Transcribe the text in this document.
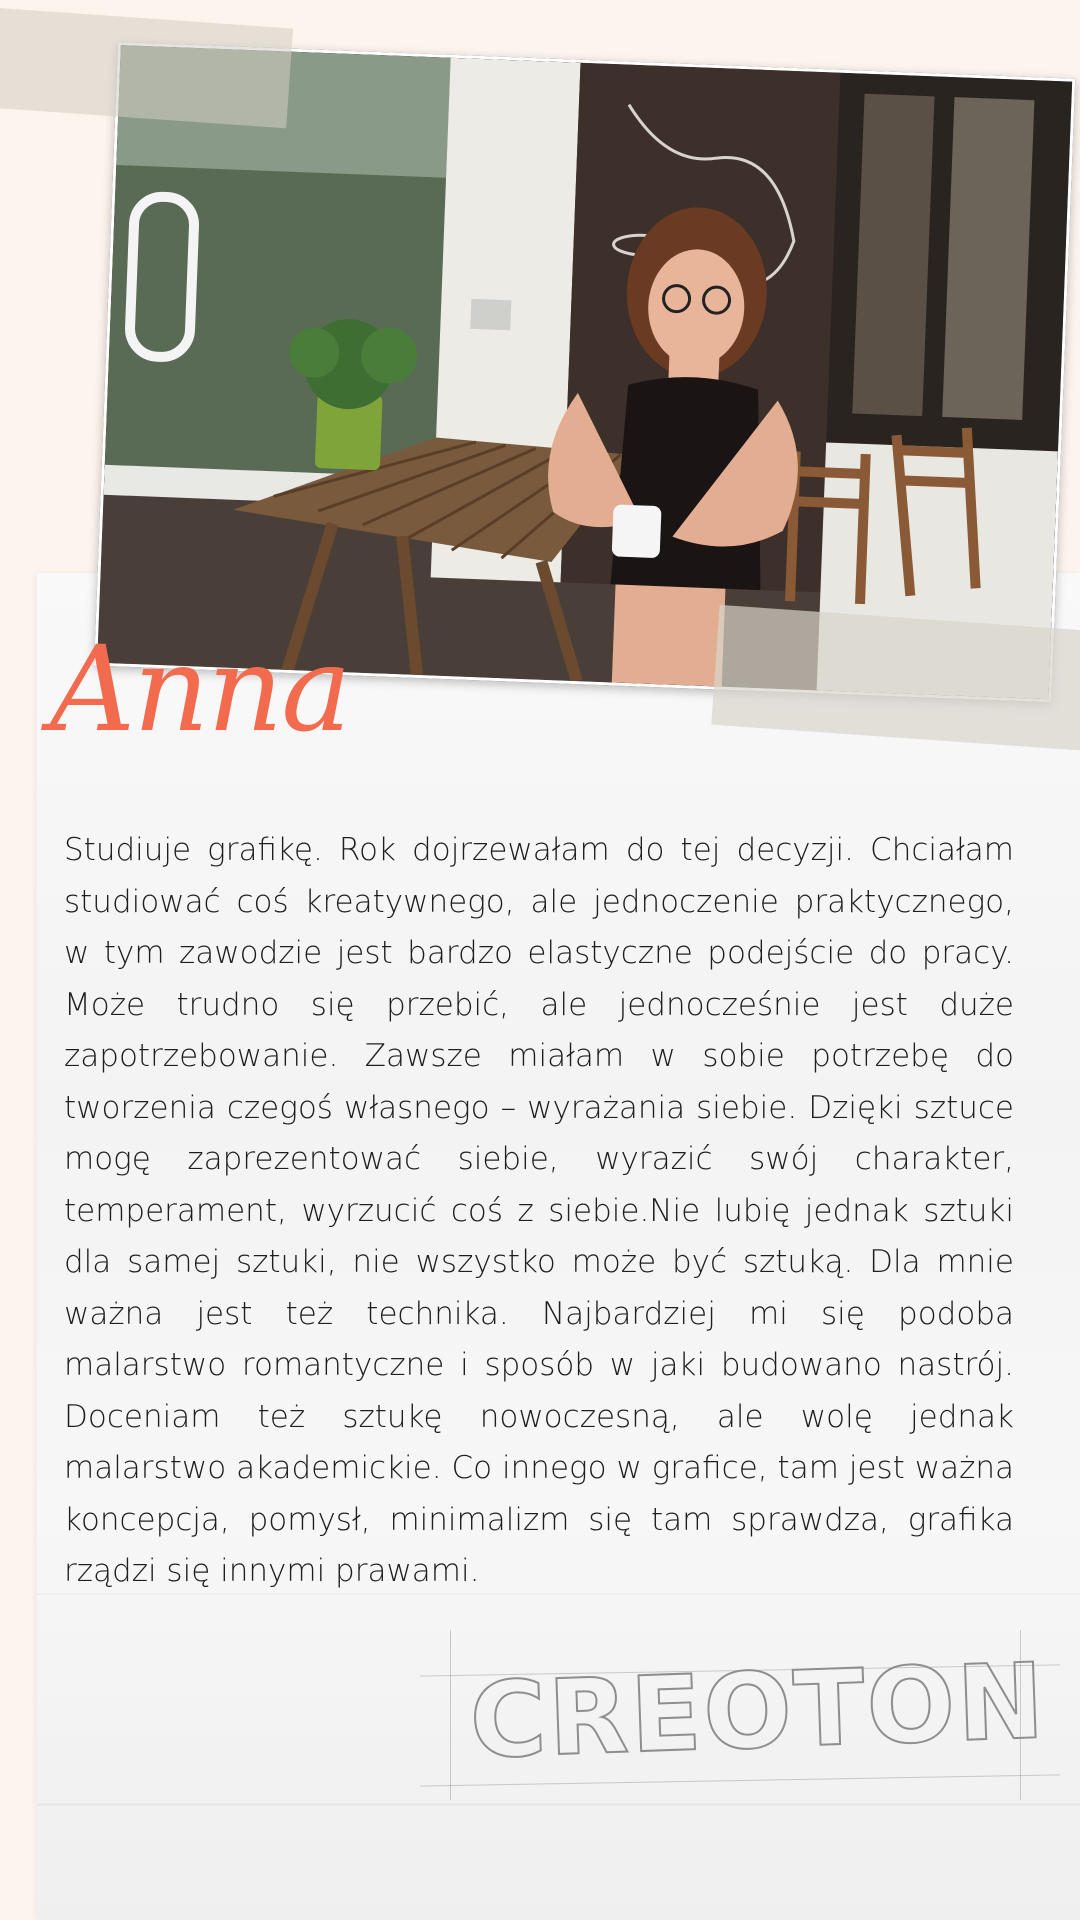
Anna
Studiuje grafikę. Rok dojrzewałam do tej decyzji. Chciałam studiować coś kreatywnego, ale jednoczenie praktycznego, w tym zawodzie jest bardzo elastyczne podejście do pracy. Może trudno się przebić, ale jednocześnie jest duże zapotrzebowanie. Zawsze miałam w sobie potrzebę do tworzenia czegoś własnego – wyrażania siebie. Dzięki sztuce mogę zaprezentować siebie, wyrazić swój charakter, temperament, wyrzucić coś z siebie.Nie lubię jednak sztuki dla samej sztuki, nie wszystko może być sztuką. Dla mnie ważna jest też technika. Najbardziej mi się podoba malarstwo romantyczne i sposób w jaki budowano nastrój. Doceniam też sztukę nowoczesną, ale wolę jednak malarstwo akademickie. Co innego w grafice, tam jest ważna koncepcja, pomysł, minimalizm się tam sprawdza, grafika rządzi się innymi prawami.
CREOTON
